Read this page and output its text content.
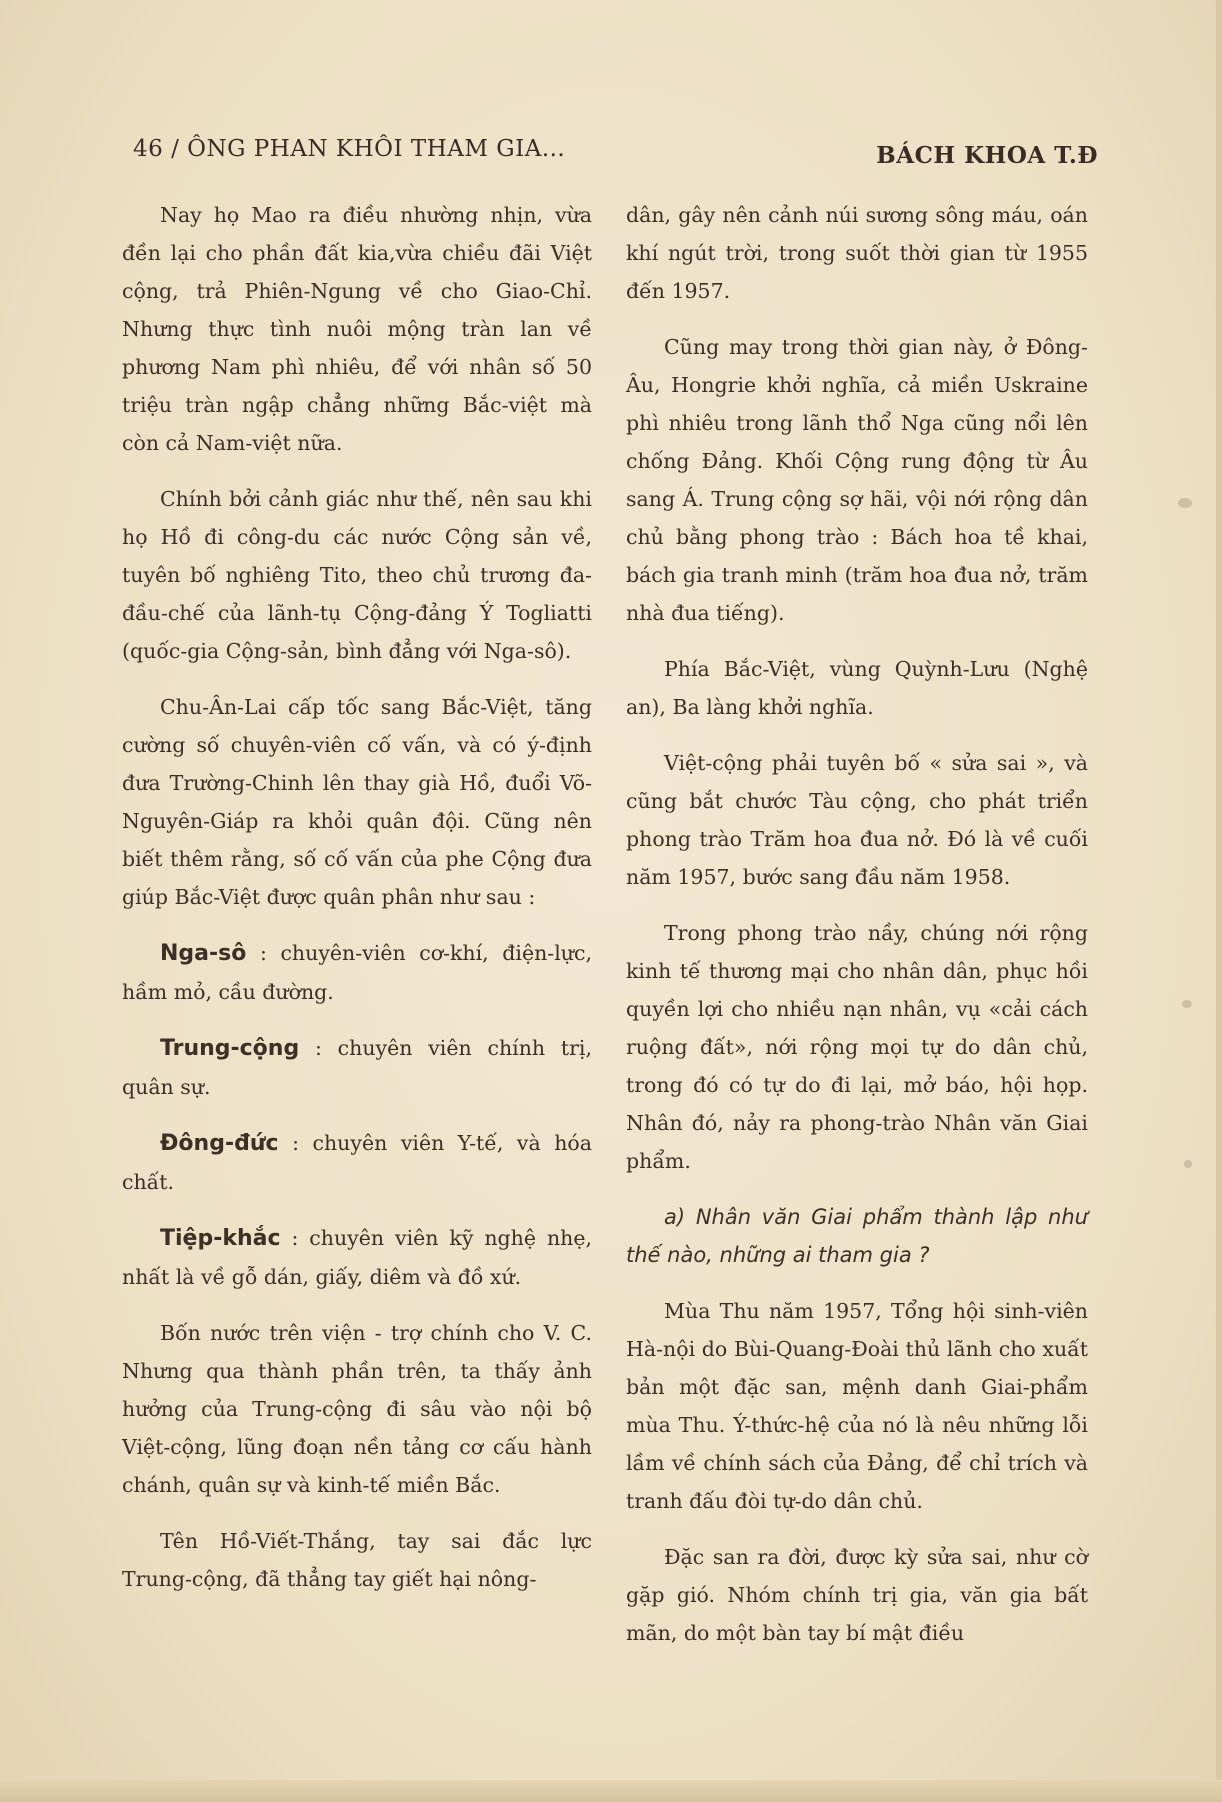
46 / ÔNG PHAN KHÔI THAM GIA...	BÁCH KHOA T.Đ

Nay họ Mao ra điều nhường nhịn, vừa đền lại cho phần đất kia,vừa chiều đãi Việt cộng, trả Phiên-Ngung về cho Giao-Chỉ. Nhưng thực tình nuôi mộng tràn lan về phương Nam phì nhiêu, để với nhân số 50 triệu tràn ngập chẳng những Bắc-việt mà còn cả Nam-việt nữa.

Chính bởi cảnh giác như thế, nên sau khi họ Hồ đi công-du các nước Cộng sản về, tuyên bố nghiêng Tito, theo chủ trương đa-đầu-chế của lãnh-tụ Cộng-đảng Ý Togliatti (quốc-gia Cộng-sản, bình đẳng với Nga-sô).

Chu-Ân-Lai cấp tốc sang Bắc-Việt, tăng cường số chuyên-viên cố vấn, và có ý-định đưa Trường-Chinh lên thay già Hồ, đuổi Võ-Nguyên-Giáp ra khỏi quân đội. Cũng nên biết thêm rằng, số cố vấn của phe Cộng đưa giúp Bắc-Việt được quân phân như sau :

Nga-sô : chuyên-viên cơ-khí, điện-lực, hầm mỏ, cầu đường.

Trung-cộng : chuyên viên chính trị, quân sự.

Đông-đức : chuyên viên Y-tế, và hóa chất.

Tiệp-khắc : chuyên viên kỹ nghệ nhẹ, nhất là về gỗ dán, giấy, diêm và đồ xứ.

Bốn nước trên viện - trợ chính cho V. C. Nhưng qua thành phần trên, ta thấy ảnh hưởng của Trung-cộng đi sâu vào nội bộ Việt-cộng, lũng đoạn nền tảng cơ cấu hành chánh, quân sự và kinh-tế miền Bắc.

Tên Hồ-Viết-Thắng, tay sai đắc lực Trung-cộng, đã thẳng tay giết hại nông-

dân, gây nên cảnh núi sương sông máu, oán khí ngút trời, trong suốt thời gian từ 1955 đến 1957.

Cũng may trong thời gian này, ở Đông-Âu, Hongrie khởi nghĩa, cả miền Uskraine phì nhiêu trong lãnh thổ Nga cũng nổi lên chống Đảng. Khối Cộng rung động từ Âu sang Á. Trung cộng sợ hãi, vội nới rộng dân chủ bằng phong trào : Bách hoa tề khai, bách gia tranh minh (trăm hoa đua nở, trăm nhà đua tiếng).

Phía Bắc-Việt, vùng Quỳnh-Lưu (Nghệ an), Ba làng khởi nghĩa.

Việt-cộng phải tuyên bố « sửa sai », và cũng bắt chước Tàu cộng, cho phát triển phong trào Trăm hoa đua nở. Đó là về cuối năm 1957, bước sang đầu năm 1958.

Trong phong trào nầy, chúng nới rộng kinh tế thương mại cho nhân dân, phục hồi quyền lợi cho nhiều nạn nhân, vụ «cải cách ruộng đất», nới rộng mọi tự do dân chủ, trong đó có tự do đi lại, mở báo, hội họp. Nhân đó, nảy ra phong-trào Nhân văn Giai phẩm.

a) Nhân văn Giai phẩm thành lập như thế nào, những ai tham gia ?

Mùa Thu năm 1957, Tổng hội sinh-viên Hà-nội do Bùi-Quang-Đoài thủ lãnh cho xuất bản một đặc san, mệnh danh Giai-phẩm mùa Thu. Ý-thức-hệ của nó là nêu những lỗi lầm về chính sách của Đảng, để chỉ trích và tranh đấu đòi tự-do dân chủ.

Đặc san ra đời, được kỳ sửa sai, như cờ gặp gió. Nhóm chính trị gia, văn gia bất mãn, do một bàn tay bí mật điều
